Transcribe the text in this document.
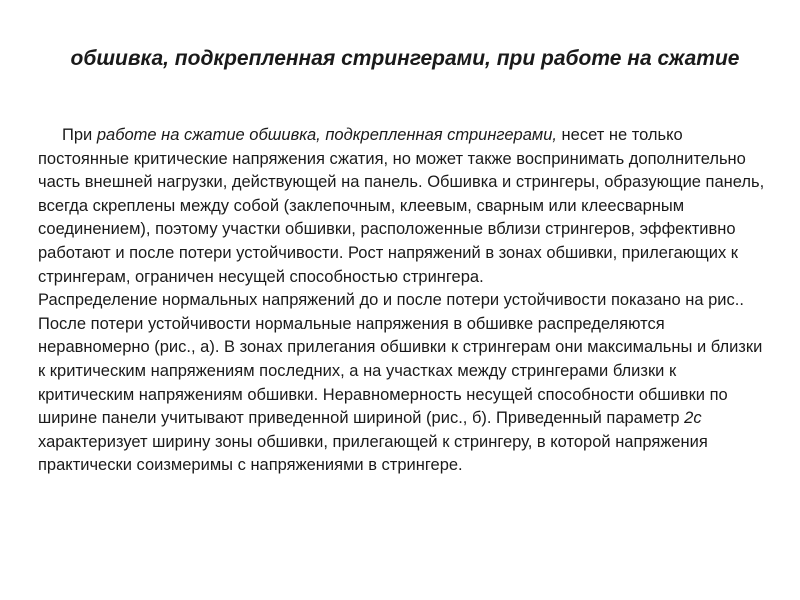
обшивка, подкрепленная стрингерами, при работе на сжатие

При работе на сжатие обшивка, подкрепленная стрингерами, несет не только постоянные критические напряжения сжатия, но может также воспринимать дополнительно часть внешней нагрузки, действующей на панель. Обшивка и стрингеры, образующие панель, всегда скреплены между собой (заклепочным, клеевым, сварным или клеесварным соединением), поэтому участки обшивки, расположенные вблизи стрингеров, эффективно работают и после потери устойчивости. Рост напряжений в зонах обшивки, прилегающих к стрингерам, ограничен несущей способностью стрингера.

Распределение нормальных напряжений до и после потери устойчивости показано на рис.. После потери устойчивости нормальные напряжения в обшивке распределяются неравномерно (рис., а). В зонах прилегания обшивки к стрингерам они максимальны и близки к критическим напряжениям последних, а на участках между стрингерами близки к критическим напряжениям обшивки. Неравномерность несущей способности обшивки по ширине панели учитывают приведенной шириной (рис., б). Приведенный параметр 2с характеризует ширину зоны обшивки, прилегающей к стрингеру, в которой напряжения практически соизмеримы с напряжениями в стрингере.
